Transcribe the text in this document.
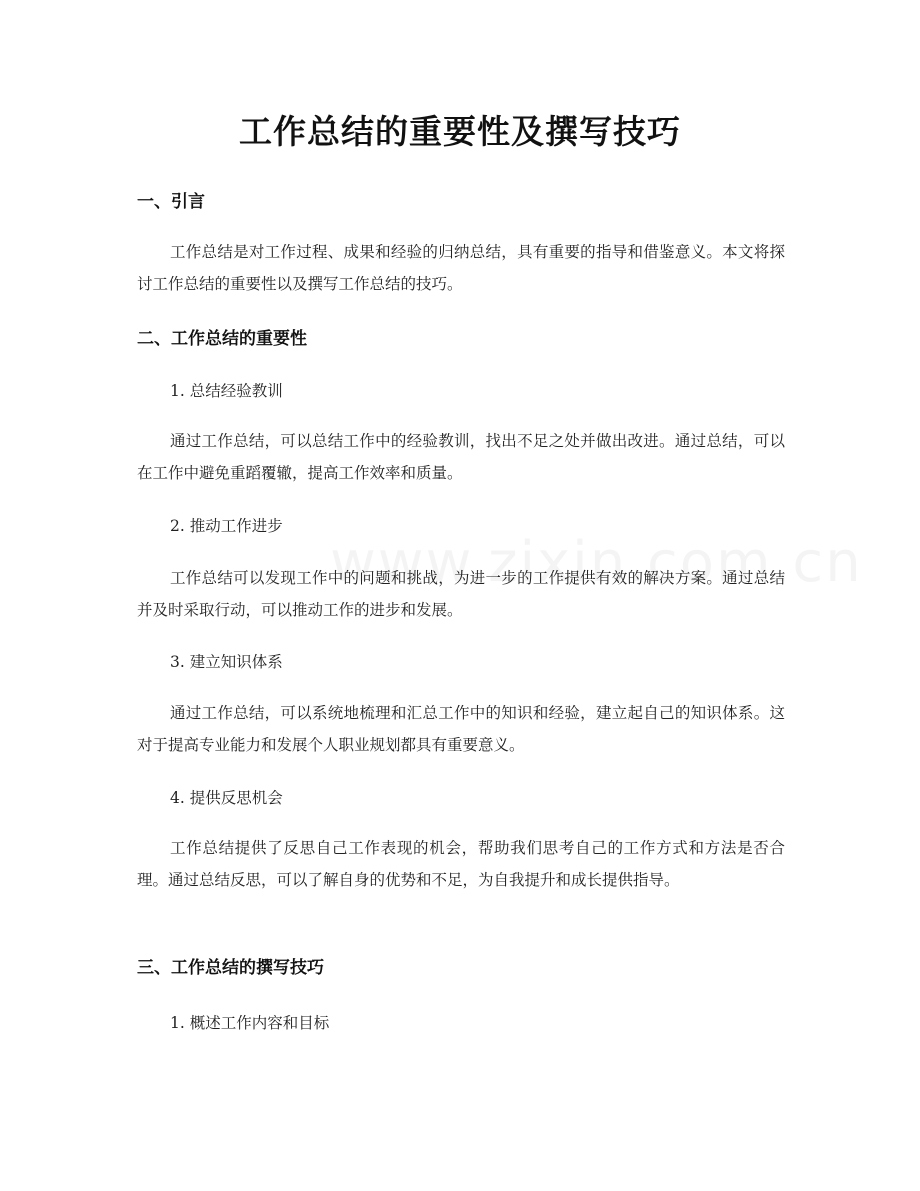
工作总结的重要性及撰写技巧
一、引言

工作总结是对工作过程、成果和经验的归纳总结，具有重要的指导和借鉴意义。本文将探讨工作总结的重要性以及撰写工作总结的技巧。

二、工作总结的重要性
1. 总结经验教训

通过工作总结，可以总结工作中的经验教训，找出不足之处并做出改进。通过总结，可以在工作中避免重蹈覆辙，提高工作效率和质量。

2. 推动工作进步

工作总结可以发现工作中的问题和挑战，为进一步的工作提供有效的解决方案。通过总结并及时采取行动，可以推动工作的进步和发展。

3. 建立知识体系

通过工作总结，可以系统地梳理和汇总工作中的知识和经验，建立起自己的知识体系。这对于提高专业能力和发展个人职业规划都具有重要意义。

4. 提供反思机会

工作总结提供了反思自己工作表现的机会，帮助我们思考自己的工作方式和方法是否合理。通过总结反思，可以了解自身的优势和不足，为自我提升和成长提供指导。

三、工作总结的撰写技巧
1. 概述工作内容和目标
